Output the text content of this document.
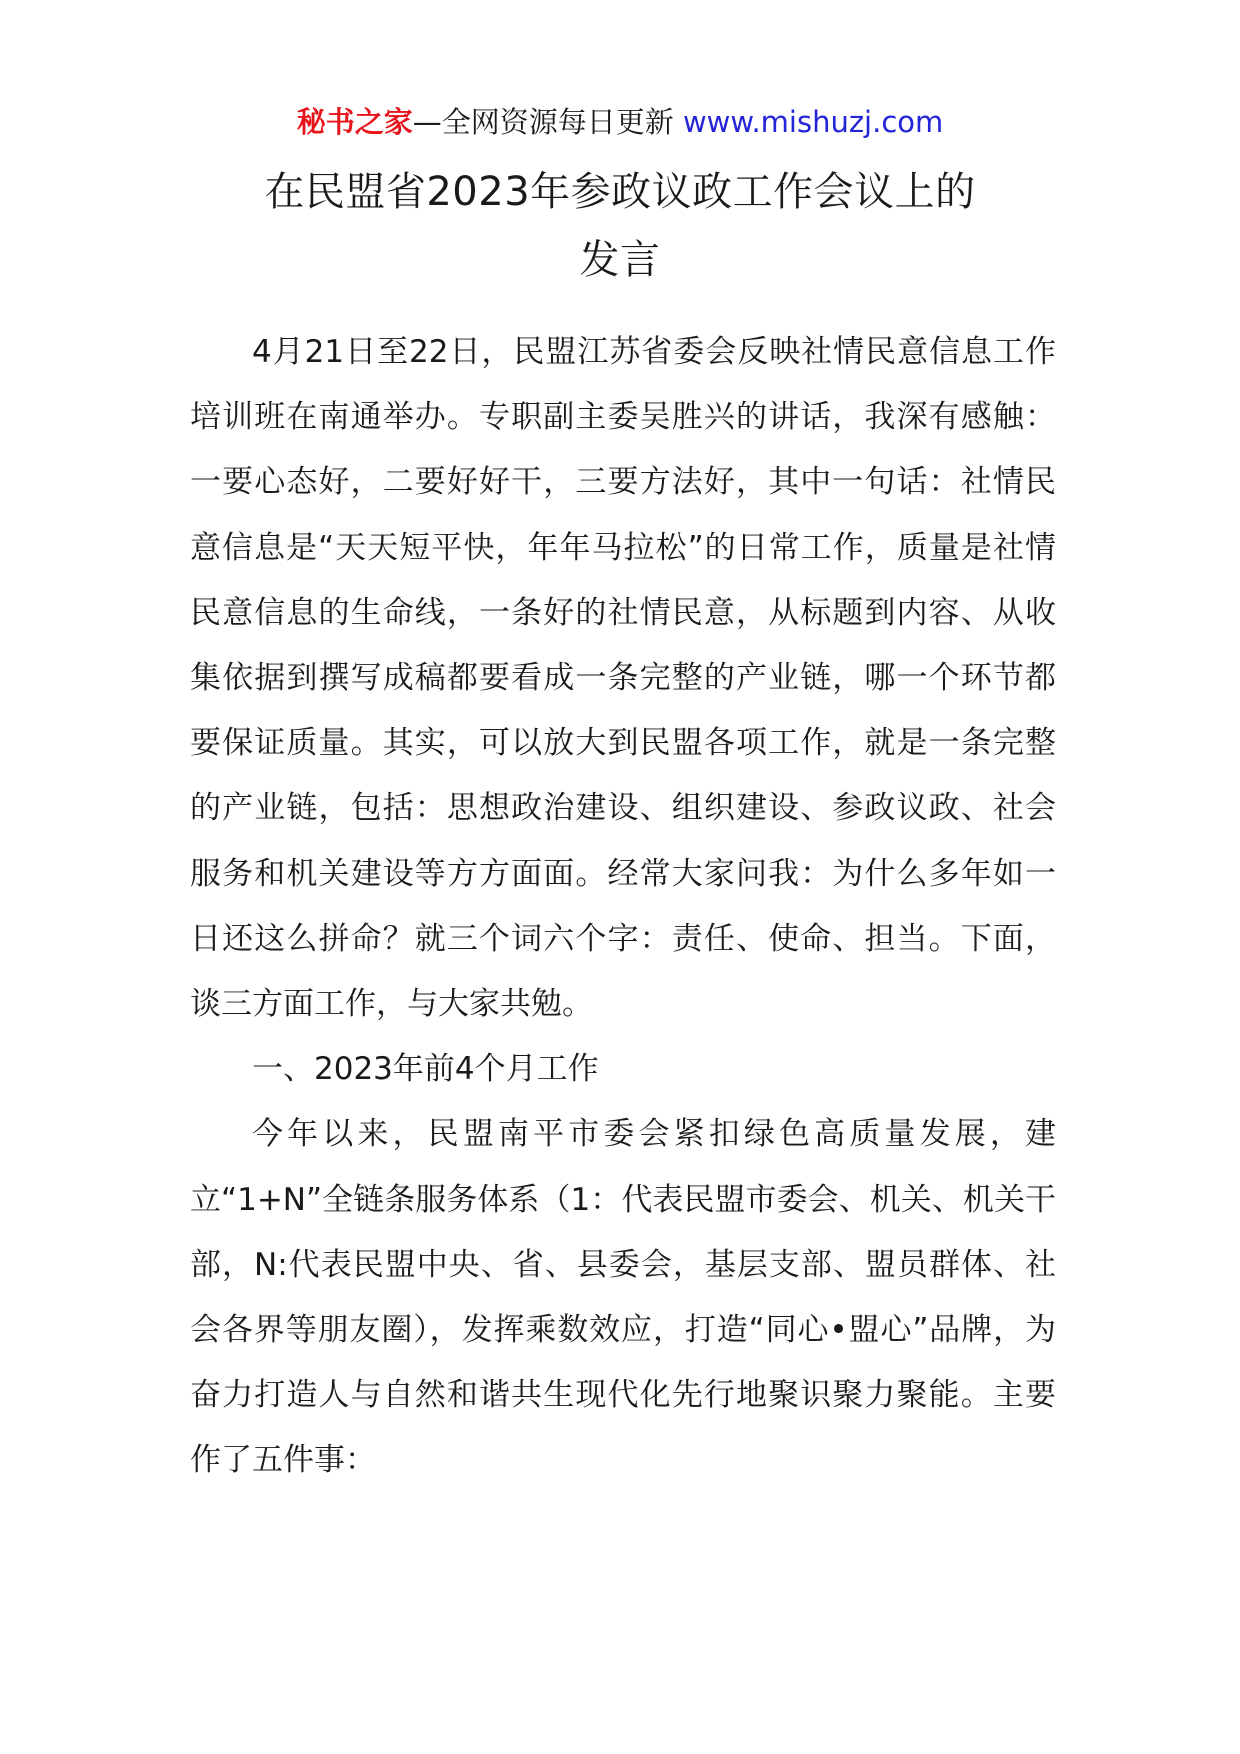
秘书之家—全网资源每日更新 www.mishuzj.com
在民盟省2023年参政议政工作会议上的
发言

4月21日至22日，民盟江苏省委会反映社情民意信息工作培训班在南通举办。专职副主委吴胜兴的讲话，我深有感触：一要心态好，二要好好干，三要方法好，其中一句话：社情民意信息是“天天短平快，年年马拉松”的日常工作，质量是社情民意信息的生命线，一条好的社情民意，从标题到内容、从收集依据到撰写成稿都要看成一条完整的产业链，哪一个环节都要保证质量。其实，可以放大到民盟各项工作，就是一条完整的产业链，包括：思想政治建设、组织建设、参政议政、社会服务和机关建设等方方面面。经常大家问我：为什么多年如一日还这么拼命？就三个词六个字：责任、使命、担当。下面，谈三方面工作，与大家共勉。

一、2023年前4个月工作

今年以来，民盟南平市委会紧扣绿色高质量发展，建立“1+N”全链条服务体系（1：代表民盟市委会、机关、机关干部，N:代表民盟中央、省、县委会，基层支部、盟员群体、社会各界等朋友圈），发挥乘数效应，打造“同心•盟心”品牌，为奋力打造人与自然和谐共生现代化先行地聚识聚力聚能。主要作了五件事：
